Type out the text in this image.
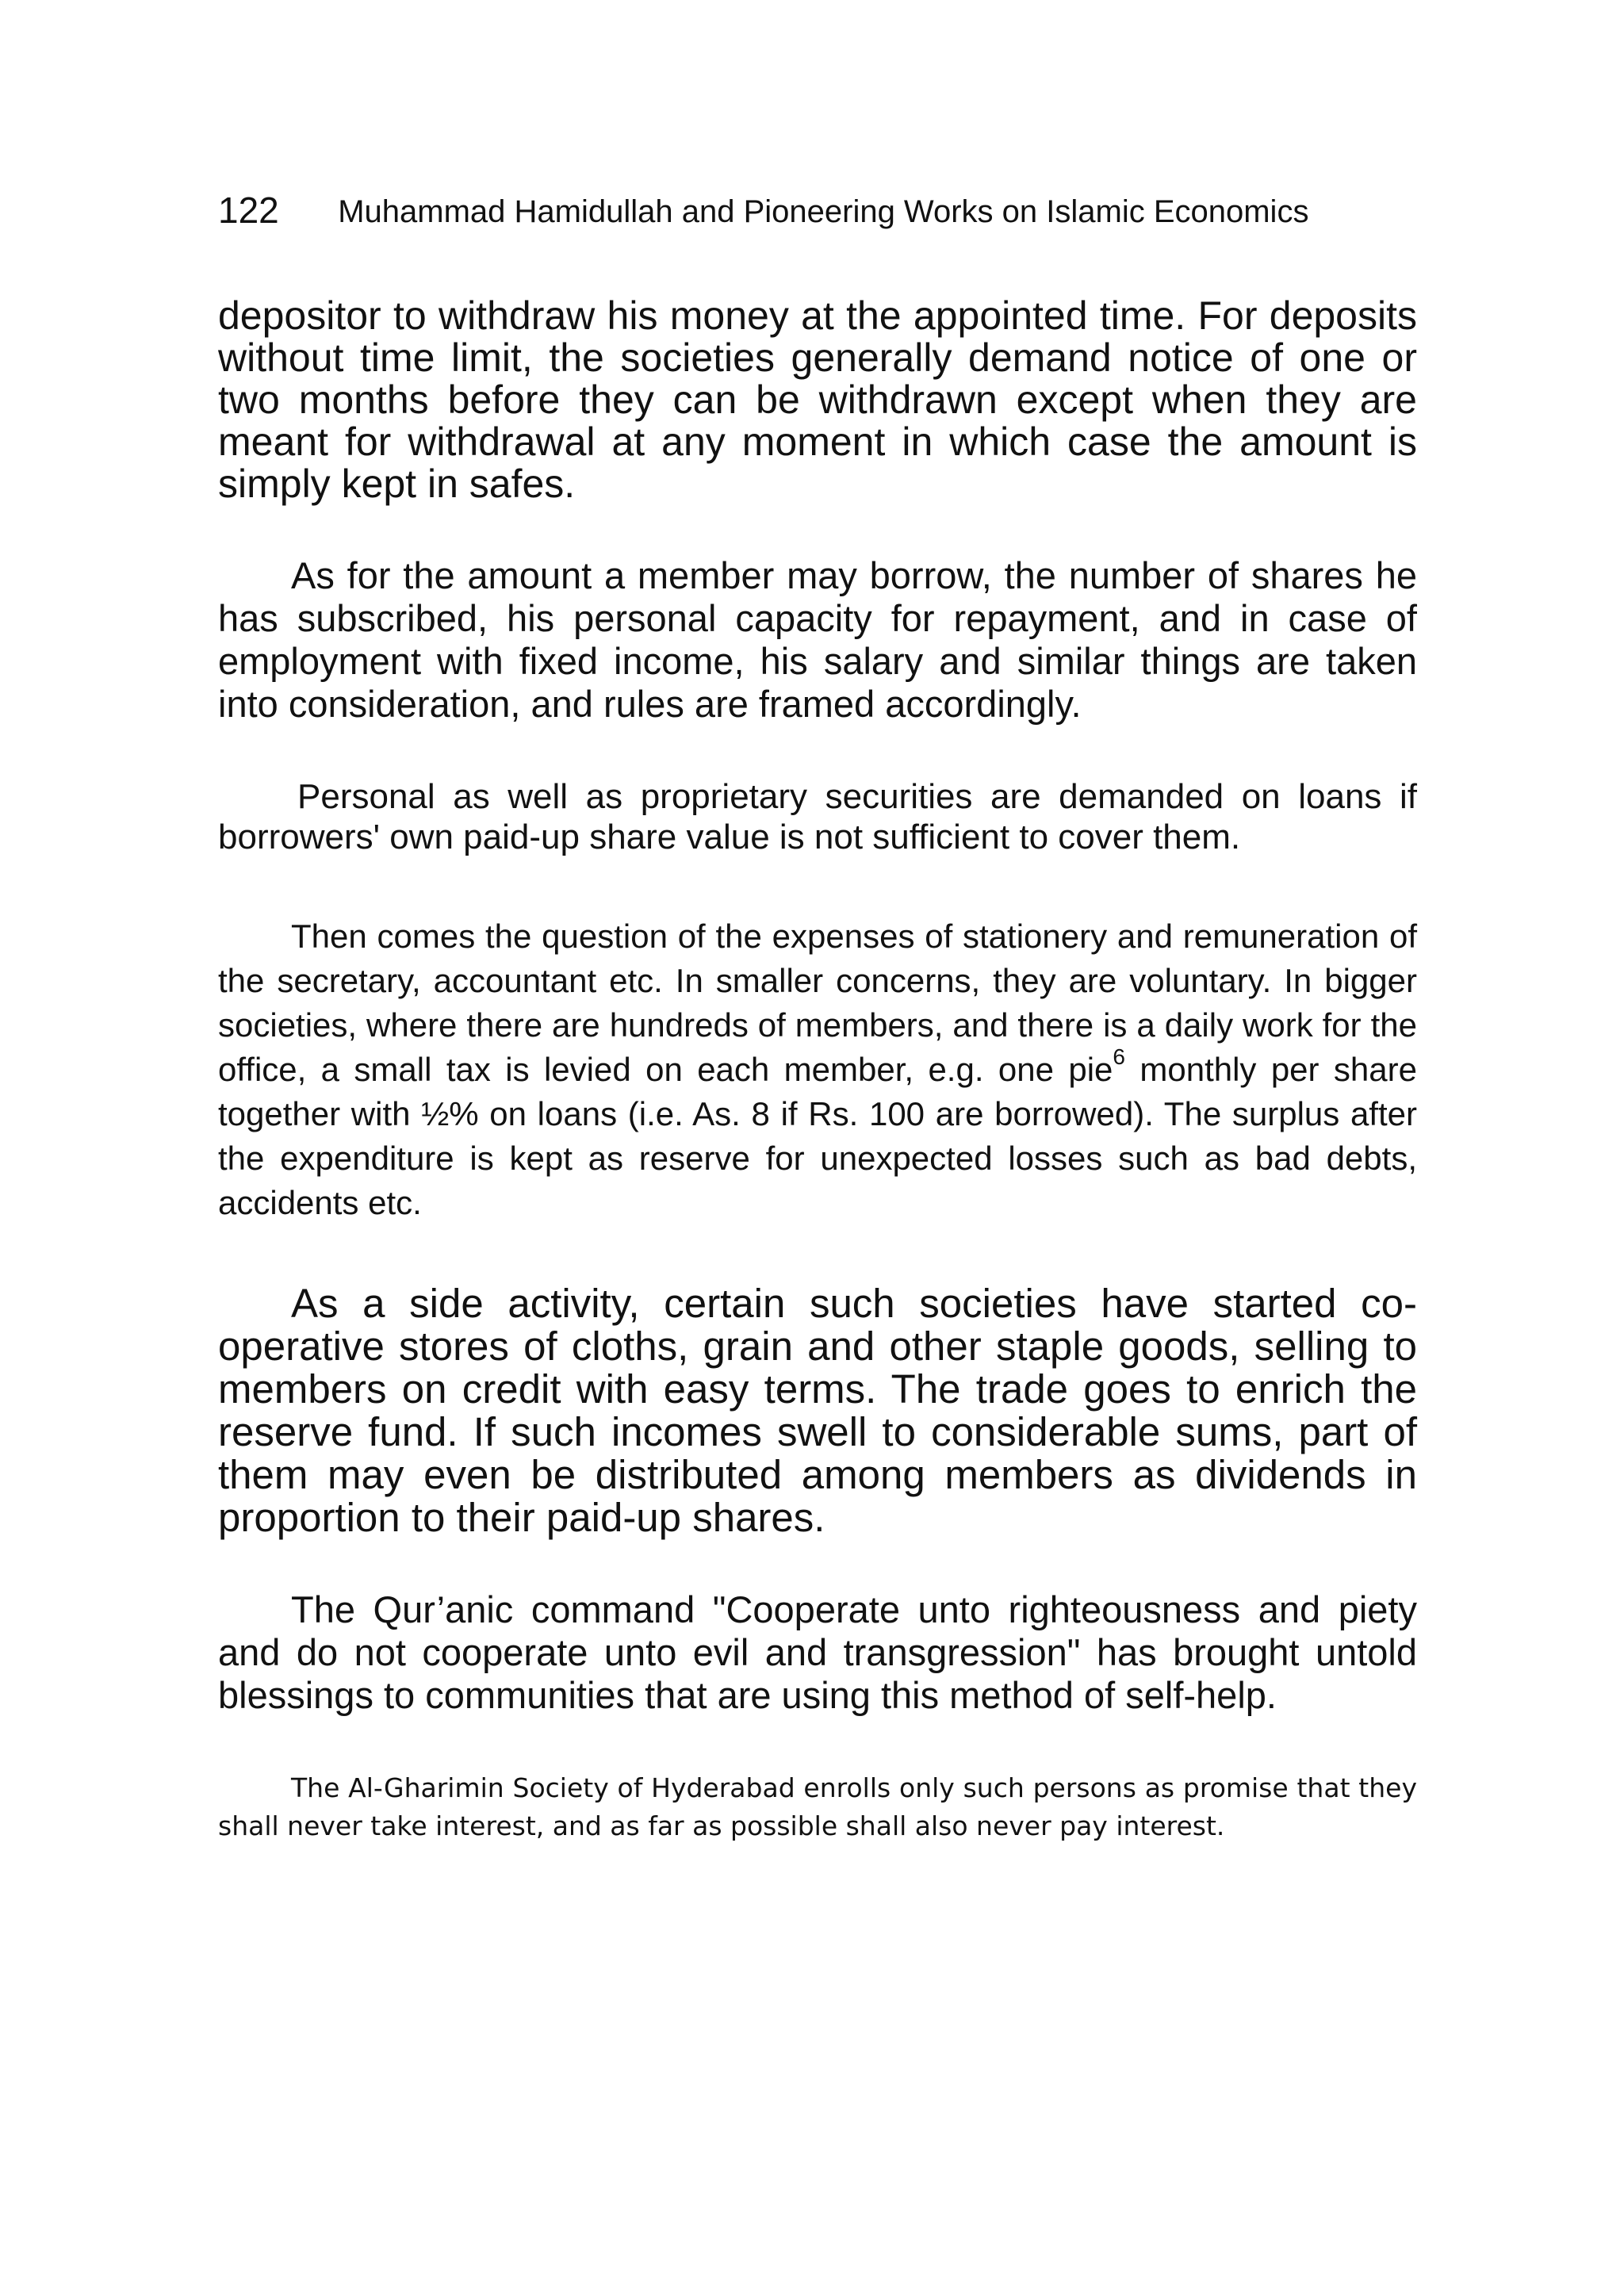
122 Muhammad Hamidullah and Pioneering Works on Islamic Economics

depositor to withdraw his money at the appointed time. For deposits without time limit, the societies generally demand notice of one or two months before they can be withdrawn except when they are meant for withdrawal at any moment in which case the amount is simply kept in safes.

As for the amount a member may borrow, the number of shares he has subscribed, his personal capacity for repayment, and in case of employment with fixed income, his salary and similar things are taken into consideration, and rules are framed accordingly.

Personal as well as proprietary securities are demanded on loans if borrowers' own paid-up share value is not sufficient to cover them.

Then comes the question of the expenses of stationery and remuneration of the secretary, accountant etc. In smaller concerns, they are voluntary. In bigger societies, where there are hundreds of members, and there is a daily work for the office, a small tax is levied on each member, e.g. one pie$^6$ monthly per share together with ½% on loans (i.e. As. 8 if Rs. 100 are borrowed). The surplus after the expenditure is kept as reserve for unexpected losses such as bad debts, accidents etc.

As a side activity, certain such societies have started co-operative stores of cloths, grain and other staple goods, selling to members on credit with easy terms. The trade goes to enrich the reserve fund. If such incomes swell to considerable sums, part of them may even be distributed among members as dividends in proportion to their paid-up shares.

The Qur’anic command "Cooperate unto righteousness and piety and do not cooperate unto evil and transgression" has brought untold blessings to communities that are using this method of self-help.

The Al-Gharimin Society of Hyderabad enrolls only such persons as promise that they shall never take interest, and as far as possible shall also never pay interest.
